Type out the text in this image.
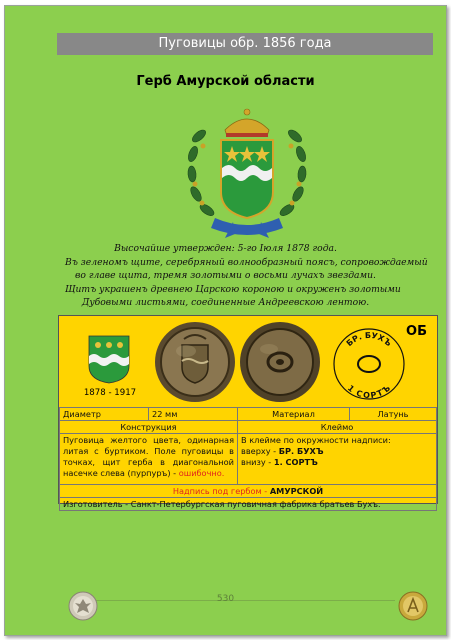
Пуговицы обр. 1856 года
Герб Амурской области
Высочайше утвержден: 5-го Іюля 1878 года.
Въ зеленомъ щите, серебряный волнообразный поясъ, сопровождаемый
во главе щита, тремя золотыми о восьми лучахъ звездами.
Щитъ украшенъ древнею Царскою короною и окруженъ золотыми
Дубовыми листьями, соединенные Андреевскою лентою.
1878 - 1917
БР. БУХЪ
1 СОРТЪ
ОБ
Диаметр	22 мм	Материал	Латунь
Конструкция		Клеймо	
Пуговица желтого цвета, одинарная литая с буртиком. Поле пуговицы в точках, щит герба в диагональной насечке слева (пурпуръ) - ошибочно.		В клейме по окружности надписи:
вверху - БР. БУХЪ
внизу - 1. СОРТЪ	

Надпись под гербом - АМУРСКОЙ			
Изготовитель - Санкт-Петербургская пуговичная фабрика братьев Бухъ.			
530
